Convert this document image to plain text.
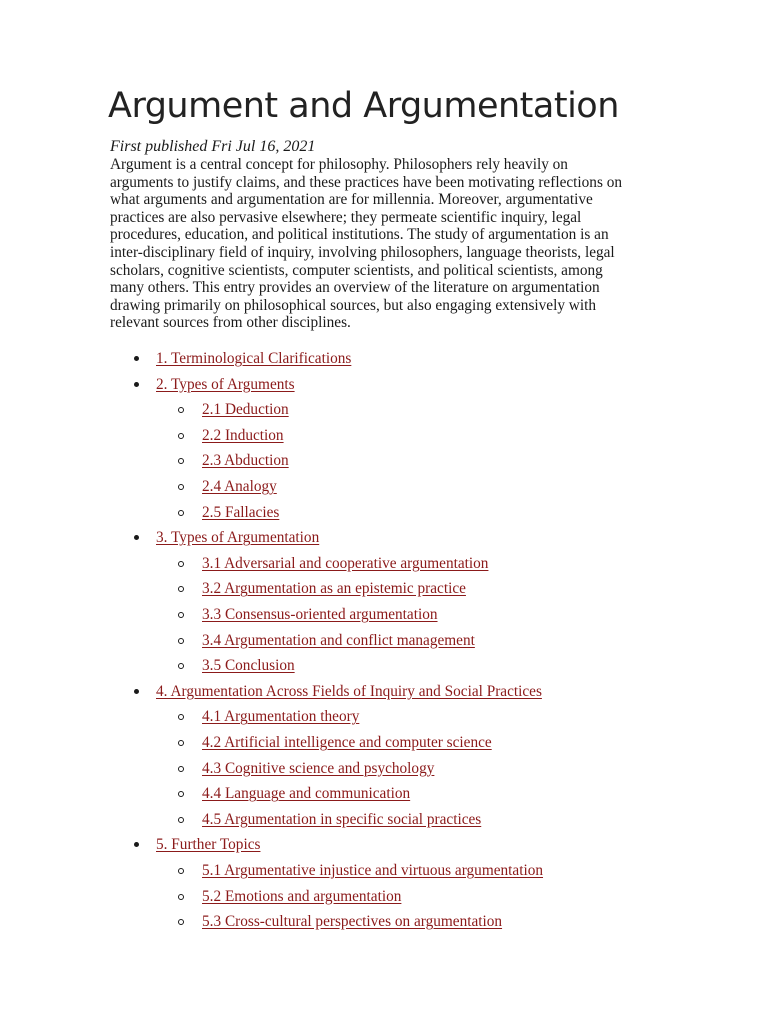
Argument and Argumentation
First published Fri Jul 16, 2021

Argument is a central concept for philosophy. Philosophers rely heavily on
arguments to justify claims, and these practices have been motivating reflections on
what arguments and argumentation are for millennia. Moreover, argumentative
practices are also pervasive elsewhere; they permeate scientific inquiry, legal
procedures, education, and political institutions. The study of argumentation is an
inter-disciplinary field of inquiry, involving philosophers, language theorists, legal
scholars, cognitive scientists, computer scientists, and political scientists, among
many others. This entry provides an overview of the literature on argumentation
drawing primarily on philosophical sources, but also engaging extensively with
relevant sources from other disciplines.

1. Terminological Clarifications
2. Types of Arguments
2.1 Deduction
2.2 Induction
2.3 Abduction
2.4 Analogy
2.5 Fallacies
3. Types of Argumentation
3.1 Adversarial and cooperative argumentation
3.2 Argumentation as an epistemic practice
3.3 Consensus-oriented argumentation
3.4 Argumentation and conflict management
3.5 Conclusion
4. Argumentation Across Fields of Inquiry and Social Practices
4.1 Argumentation theory
4.2 Artificial intelligence and computer science
4.3 Cognitive science and psychology
4.4 Language and communication
4.5 Argumentation in specific social practices
5. Further Topics
5.1 Argumentative injustice and virtuous argumentation
5.2 Emotions and argumentation
5.3 Cross-cultural perspectives on argumentation
